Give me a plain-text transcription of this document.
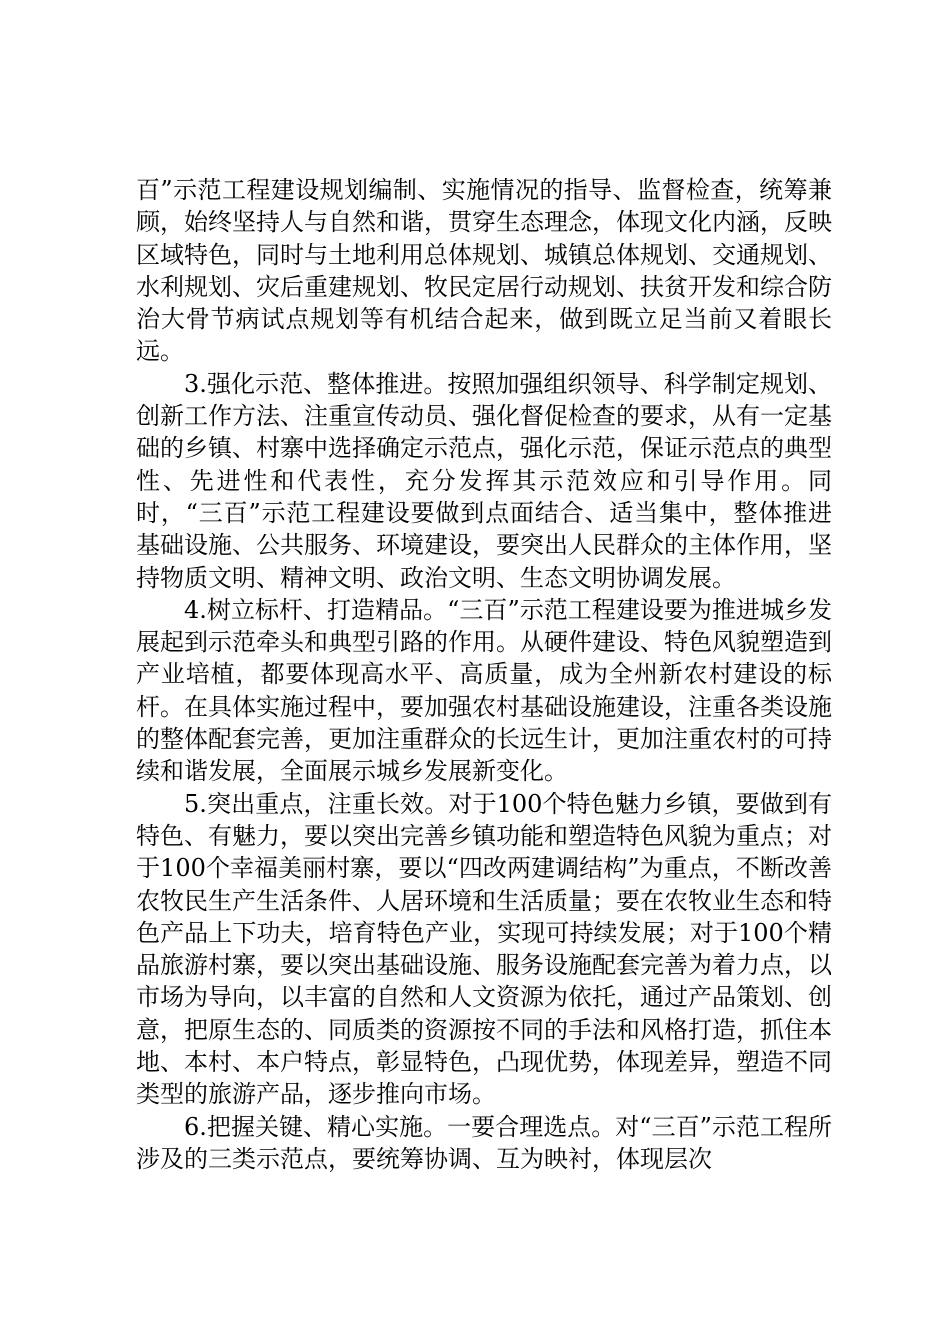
百”示范工程建设规划编制、实施情况的指导、监督检查，统筹兼顾，始终坚持人与自然和谐，贯穿生态理念，体现文化内涵，反映区域特色，同时与土地利用总体规划、城镇总体规划、交通规划、水利规划、灾后重建规划、牧民定居行动规划、扶贫开发和综合防治大骨节病试点规划等有机结合起来，做到既立足当前又着眼长远。

3.强化示范、整体推进。按照加强组织领导、科学制定规划、创新工作方法、注重宣传动员、强化督促检查的要求，从有一定基础的乡镇、村寨中选择确定示范点，强化示范，保证示范点的典型性、先进性和代表性，充分发挥其示范效应和引导作用。同时，“三百”示范工程建设要做到点面结合、适当集中，整体推进基础设施、公共服务、环境建设，要突出人民群众的主体作用，坚持物质文明、精神文明、政治文明、生态文明协调发展。

4.树立标杆、打造精品。“三百”示范工程建设要为推进城乡发展起到示范牵头和典型引路的作用。从硬件建设、特色风貌塑造到产业培植，都要体现高水平、高质量，成为全州新农村建设的标杆。在具体实施过程中，要加强农村基础设施建设，注重各类设施的整体配套完善，更加注重群众的长远生计，更加注重农村的可持续和谐发展，全面展示城乡发展新变化。

5.突出重点，注重长效。对于100个特色魅力乡镇，要做到有特色、有魅力，要以突出完善乡镇功能和塑造特色风貌为重点；对于100个幸福美丽村寨，要以“四改两建调结构”为重点，不断改善农牧民生产生活条件、人居环境和生活质量；要在农牧业生态和特色产品上下功夫，培育特色产业，实现可持续发展；对于100个精品旅游村寨，要以突出基础设施、服务设施配套完善为着力点，以市场为导向，以丰富的自然和人文资源为依托，通过产品策划、创意，把原生态的、同质类的资源按不同的手法和风格打造，抓住本地、本村、本户特点，彰显特色，凸现优势，体现差异，塑造不同类型的旅游产品，逐步推向市场。

6.把握关键、精心实施。一要合理选点。对“三百”示范工程所涉及的三类示范点，要统筹协调、互为映衬，体现层次
